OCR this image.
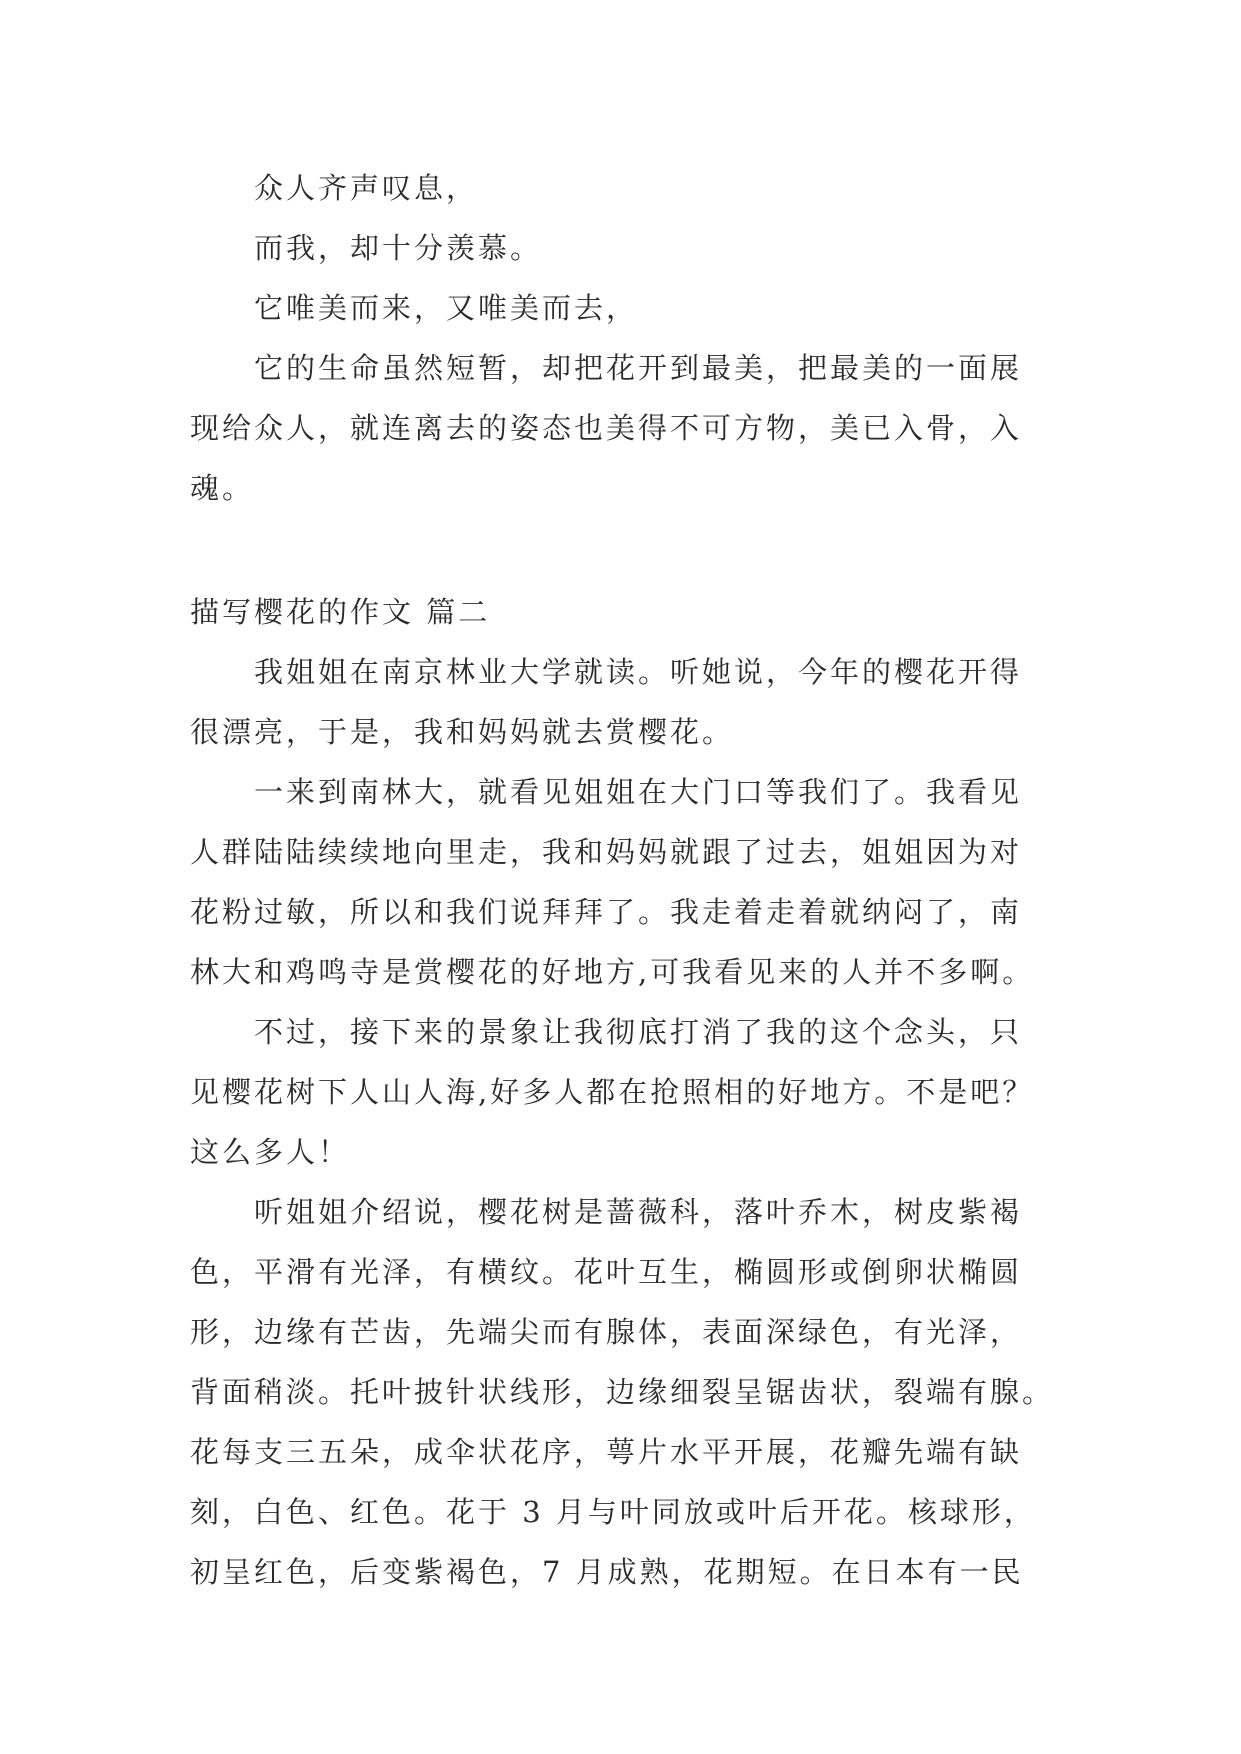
众人齐声叹息，
而我，却十分羡慕。
它唯美而来，又唯美而去，
它的生命虽然短暂，却把花开到最美，把最美的一面展
现给众人，就连离去的姿态也美得不可方物，美已入骨，入
魂。
描写樱花的作文 篇二
我姐姐在南京林业大学就读。听她说，今年的樱花开得
很漂亮，于是，我和妈妈就去赏樱花。
一来到南林大，就看见姐姐在大门口等我们了。我看见
人群陆陆续续地向里走，我和妈妈就跟了过去，姐姐因为对
花粉过敏，所以和我们说拜拜了。我走着走着就纳闷了，南
林大和鸡鸣寺是赏樱花的好地方,可我看见来的人并不多啊。
不过，接下来的景象让我彻底打消了我的这个念头，只
见樱花树下人山人海,好多人都在抢照相的好地方。不是吧？
这么多人！
听姐姐介绍说，樱花树是蔷薇科，落叶乔木，树皮紫褐
色，平滑有光泽，有横纹。花叶互生，椭圆形或倒卵状椭圆
形，边缘有芒齿，先端尖而有腺体，表面深绿色，有光泽，
背面稍淡。托叶披针状线形，边缘细裂呈锯齿状，裂端有腺。
花每支三五朵，成伞状花序，萼片水平开展，花瓣先端有缺
刻，白色、红色。花于 3 月与叶同放或叶后开花。核球形，
初呈红色，后变紫褐色，7 月成熟，花期短。在日本有一民
